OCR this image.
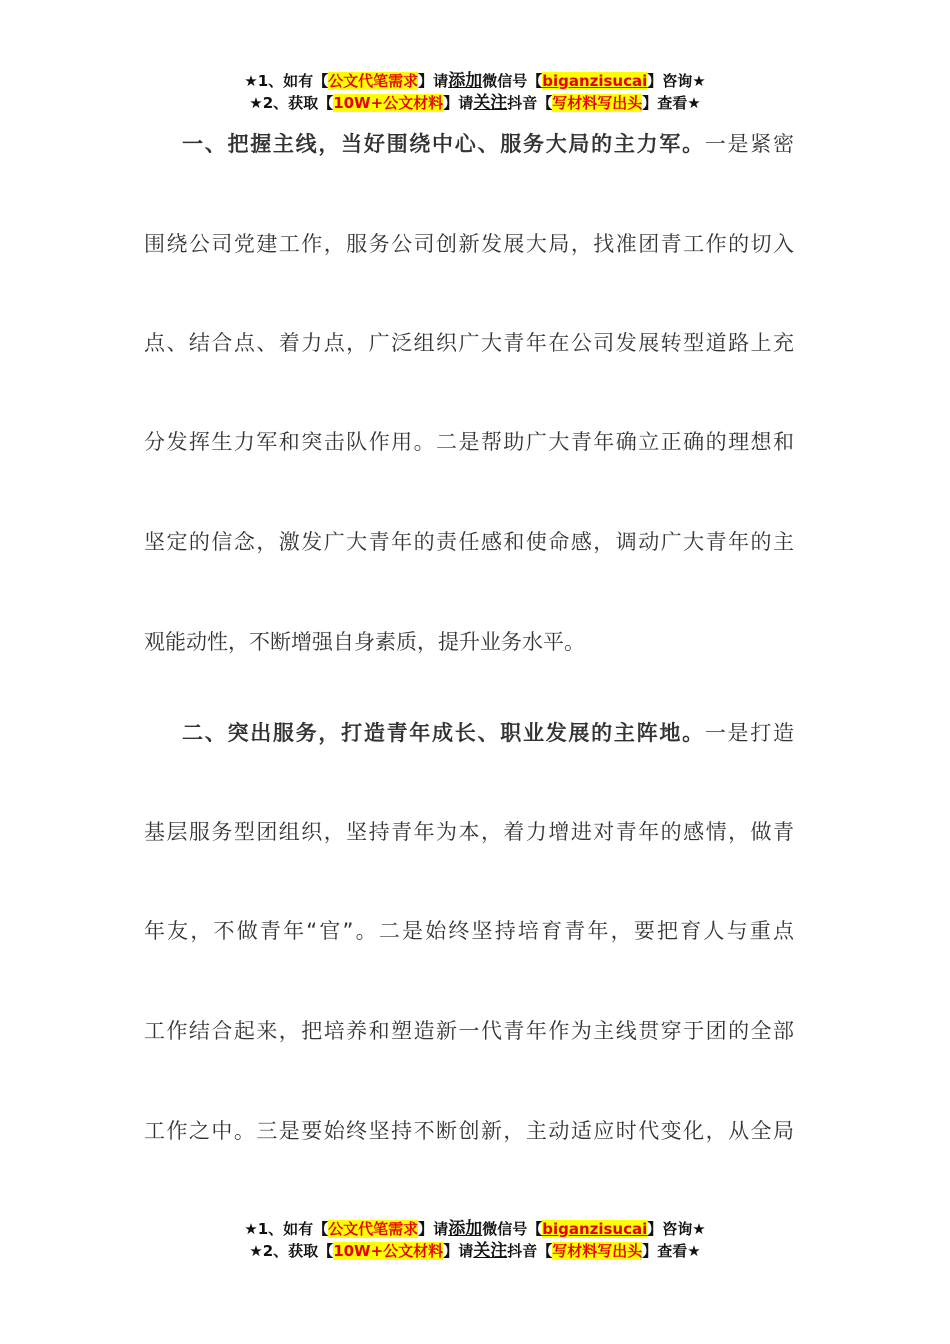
★1、如有【公文代笔需求】请添加微信号【biganzisucai】咨询★
★2、获取【10W+公文材料】请关注抖音【写材料写出头】查看★
一、把握主线，当好围绕中心、服务大局的主力军。一是紧密
围绕公司党建工作，服务公司创新发展大局，找准团青工作的切入
点、结合点、着力点，广泛组织广大青年在公司发展转型道路上充
分发挥生力军和突击队作用。二是帮助广大青年确立正确的理想和
坚定的信念，激发广大青年的责任感和使命感，调动广大青年的主
观能动性，不断增强自身素质，提升业务水平。
二、突出服务，打造青年成长、职业发展的主阵地。一是打造
基层服务型团组织，坚持青年为本，着力增进对青年的感情，做青
年友，不做青年“官”。二是始终坚持培育青年，要把育人与重点
工作结合起来，把培养和塑造新一代青年作为主线贯穿于团的全部
工作之中。三是要始终坚持不断创新，主动适应时代变化，从全局
★1、如有【公文代笔需求】请添加微信号【biganzisucai】咨询★
★2、获取【10W+公文材料】请关注抖音【写材料写出头】查看★
